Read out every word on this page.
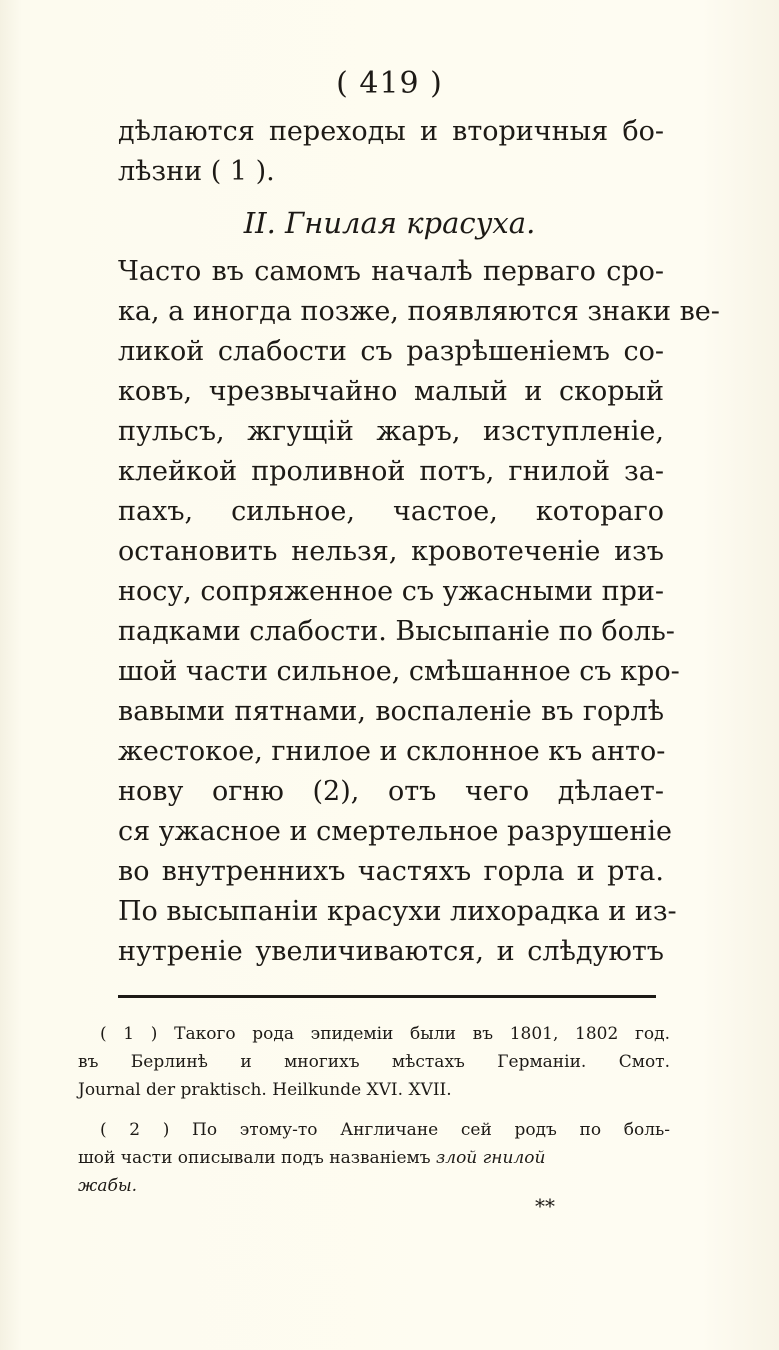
( 419 )
дѣлаются переходы и вторичныя бо-
лѣзни ( 1 ).
II. Гнилая красуха.
Часто въ самомъ началѣ перваго сро-
ка, а иногда позже, появляются знаки ве-
ликой слабости съ разрѣшенiемъ со-
ковъ, чрезвычайно малый и скорый
пульсъ, жгущiй жаръ, изступленiе,
клейкой проливной потъ, гнилой за-
пахъ, сильное, частое, котораго
остановить нельзя, кровотеченiе изъ
носу, сопряженное съ ужасными при-
падками слабости. Высыпанiе по боль-
шой части сильное, смѣшанное съ кро-
вавыми пятнами, воспаленiе въ горлѣ
жестокое, гнилое и склонное къ анто-
нову огню (2), отъ чего дѣлает-
ся ужасное и смертельное разрушенiе
во внутреннихъ частяхъ горла и рта.
По высыпанiи красухи лихорадка и из-
нутренiе увеличиваются, и слѣдуютъ
( 1 ) Такого рода эпидемiи были въ 1801, 1802 год.
въ Берлинѣ и многихъ мѣстахъ Германiи. Смот.
Journal der praktisch. Heilkunde XVI. XVII.
( 2 ) По этому-то Англичане сей родъ по боль-
шой части описывали подъ названiемъ злой гнилой
жабы.
**
